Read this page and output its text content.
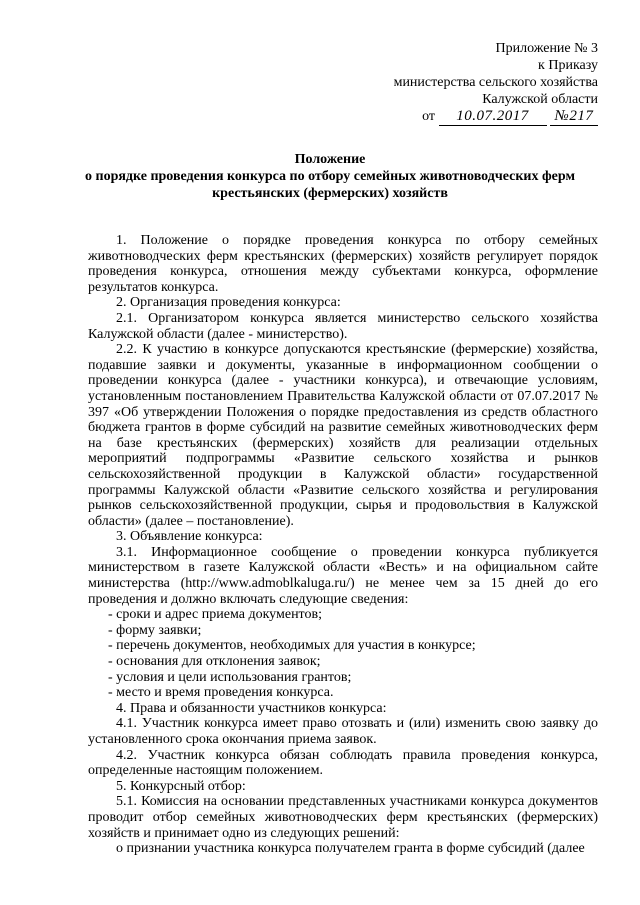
Приложение № 3
к Приказу
министерства сельского хозяйства
Калужской области
от 10.07.2017 №217
Положение
о порядке проведения конкурса по отбору семейных животноводческих ферм
крестьянских (фермерских) хозяйств

1. Положение о порядке проведения конкурса по отбору семейных животноводческих ферм крестьянских (фермерских) хозяйств регулирует порядок проведения конкурса, отношения между субъектами конкурса, оформление результатов конкурса.

2. Организация проведения конкурса:

2.1. Организатором конкурса является министерство сельского хозяйства Калужской области (далее - министерство).

2.2. К участию в конкурсе допускаются крестьянские (фермерские) хозяйства, подавшие заявки и документы, указанные в информационном сообщении о проведении конкурса (далее - участники конкурса), и отвечающие условиям, установленным постановлением Правительства Калужской области от 07.07.2017 № 397 «Об утверждении Положения о порядке предоставления из средств областного бюджета грантов в форме субсидий на развитие семейных животноводческих ферм на базе крестьянских (фермерских) хозяйств для реализации отдельных мероприятий подпрограммы «Развитие сельского хозяйства и рынков сельскохозяйственной продукции в Калужской области» государственной программы Калужской области «Развитие сельского хозяйства и регулирования рынков сельскохозяйственной продукции, сырья и продовольствия в Калужской области» (далее – постановление).

3. Объявление конкурса:

3.1. Информационное сообщение о проведении конкурса публикуется министерством в газете Калужской области «Весть» и на официальном сайте министерства (http://www.admoblkaluga.ru/) не менее чем за 15 дней до его проведения и должно включать следующие сведения:

- сроки и адрес приема документов;

- форму заявки;

- перечень документов, необходимых для участия в конкурсе;

- основания для отклонения заявок;

- условия и цели использования грантов;

- место и время проведения конкурса.

4. Права и обязанности участников конкурса:

4.1. Участник конкурса имеет право отозвать и (или) изменить свою заявку до установленного срока окончания приема заявок.

4.2. Участник конкурса обязан соблюдать правила проведения конкурса, определенные настоящим положением.

5. Конкурсный отбор:

5.1. Комиссия на основании представленных участниками конкурса документов проводит отбор семейных животноводческих ферм крестьянских (фермерских) хозяйств и принимает одно из следующих решений:

о признании участника конкурса получателем гранта в форме субсидий (далее
